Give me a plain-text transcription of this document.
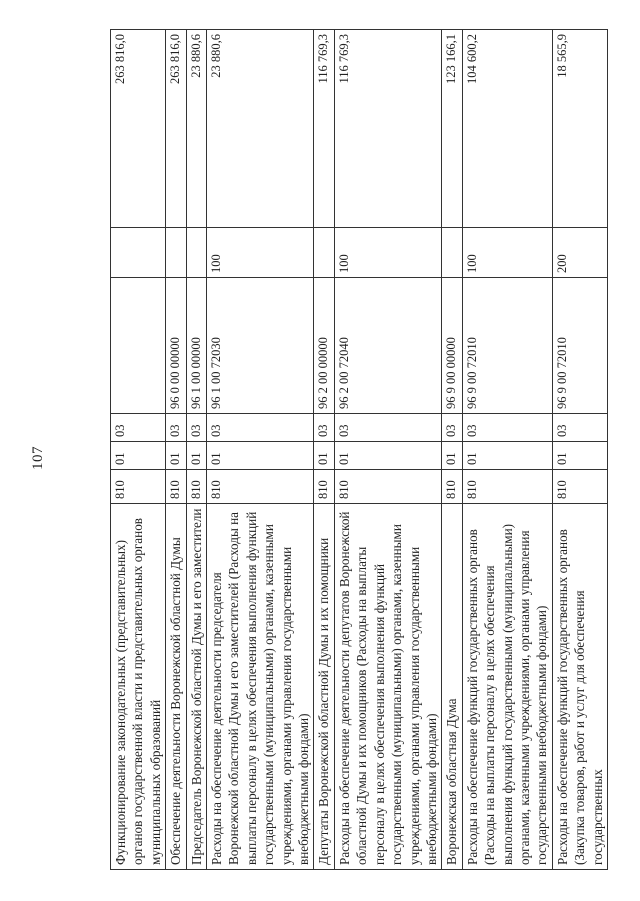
107
Функционирование законодательных (представительных) органов государственной власти и представительных органов муниципальных образований	810	01	03			263 816,0
Обеспечение деятельности Воронежской областной Думы	810	01	03	96 0 00 00000		263 816,0
Председатель Воронежской областной Думы и его заместители	810	01	03	96 1 00 00000		23 880,6
Расходы на обеспечение деятельности председателя Воронежской областной Думы и его заместителей (Расходы на выплаты персоналу в целях обеспечения выполнения функций государственными (муниципальными) органами, казенными учреждениями, органами управления государственными внебюджетными фондами)	810	01	03	96 1 00 72030	100	23 880,6
Депутаты Воронежской областной Думы и их помощники	810	01	03	96 2 00 00000		116 769,3
Расходы на обеспечение деятельности депутатов Воронежской областной Думы и их помощников (Расходы на выплаты персоналу в целях обеспечения выполнения функций государственными (муниципальными) органами, казенными учреждениями, органами управления государственными внебюджетными фондами)	810	01	03	96 2 00 72040	100	116 769,3
Воронежская областная Дума	810	01	03	96 9 00 00000		123 166,1
Расходы на обеспечение функций государственных органов (Расходы на выплаты персоналу в целях обеспечения выполнения функций государственными (муниципальными) органами, казенными учреждениями, органами управления государственными внебюджетными фондами)	810	01	03	96 9 00 72010	100	104 600,2
Расходы на обеспечение функций государственных органов (Закупка товаров, работ и услуг для обеспечения государственных	810	01	03	96 9 00 72010	200	18 565,9
